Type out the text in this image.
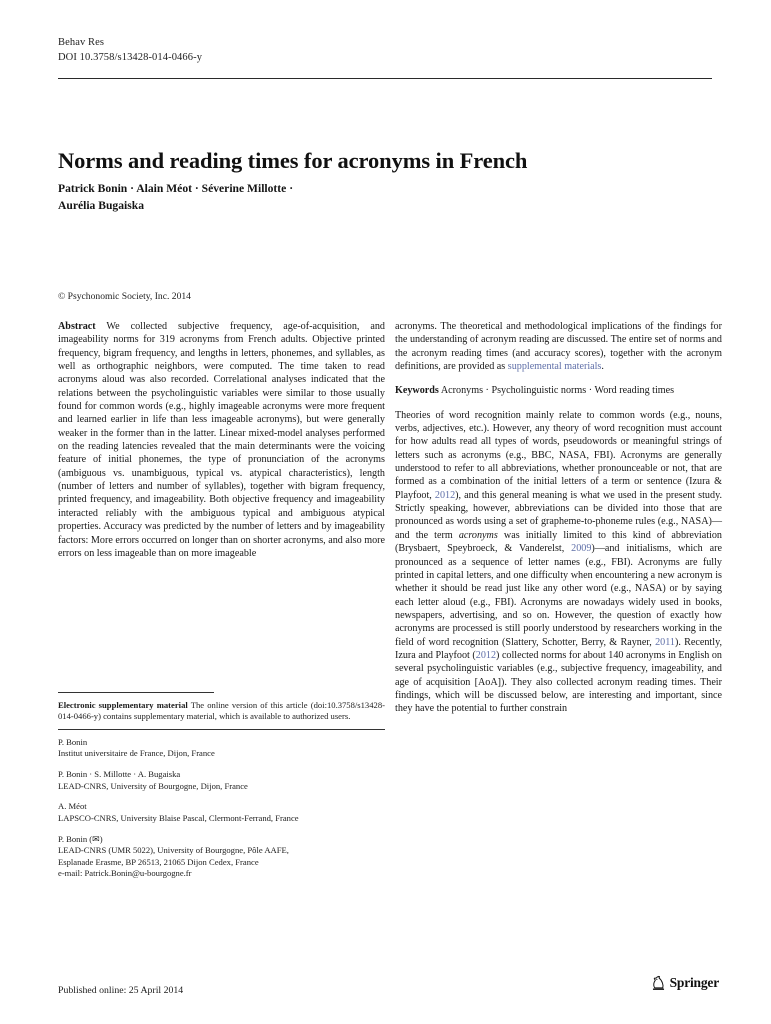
Behav Res
DOI 10.3758/s13428-014-0466-y
Norms and reading times for acronyms in French
Patrick Bonin · Alain Méot · Séverine Millotte ·
Aurélia Bugaiska
© Psychonomic Society, Inc. 2014

Abstract We collected subjective frequency, age-of-acquisition, and imageability norms for 319 acronyms from French adults. Objective printed frequency, bigram frequency, and lengths in letters, phonemes, and syllables, as well as orthographic neighbors, were computed. The time taken to read acronyms aloud was also recorded. Correlational analyses indicated that the relations between the psycholinguistic variables were similar to those usually found for common words (e.g., highly imageable acronyms were more frequent and learned earlier in life than less imageable acronyms), but were generally weaker in the former than in the latter. Linear mixed-model analyses performed on the reading latencies revealed that the main determinants were the voicing feature of initial phonemes, the type of pronunciation of the acronyms (ambiguous vs. unambiguous, typical vs. atypical characteristics), length (number of letters and number of syllables), together with bigram frequency, printed frequency, and imageability. Both objective frequency and imageability interacted reliably with the ambiguous typical and ambiguous atypical properties. Accuracy was predicted by the number of letters and by imageability factors: More errors occurred on longer than on shorter acronyms, and also more errors on less imageable than on more imageable

Electronic supplementary material The online version of this article (doi:10.3758/s13428-014-0466-y) contains supplementary material, which is available to authorized users.

P. Bonin
Institut universitaire de France, Dijon, France

P. Bonin · S. Millotte · A. Bugaiska
LEAD-CNRS, University of Bourgogne, Dijon, France

A. Méot
LAPSCO-CNRS, University Blaise Pascal, Clermont-Ferrand, France

P. Bonin (✉)
LEAD-CNRS (UMR 5022), University of Bourgogne, Pôle AAFE,
Esplanade Erasme, BP 26513, 21065 Dijon Cedex, France
e-mail: Patrick.Bonin@u-bourgogne.fr

acronyms. The theoretical and methodological implications of the findings for the understanding of acronym reading are discussed. The entire set of norms and the acronym reading times (and accuracy scores), together with the acronym definitions, are provided as supplemental materials.

Keywords Acronyms · Psycholinguistic norms · Word reading times

Theories of word recognition mainly relate to common words (e.g., nouns, verbs, adjectives, etc.). However, any theory of word recognition must account for how adults read all types of words, pseudowords or meaningful strings of letters such as acronyms (e.g., BBC, NASA, FBI). Acronyms are generally understood to refer to all abbreviations, whether pronounceable or not, that are formed as a combination of the initial letters of a term or sentence (Izura & Playfoot, 2012), and this general meaning is what we used in the present study. Strictly speaking, however, abbreviations can be divided into those that are pronounced as words using a set of grapheme-to-phoneme rules (e.g., NASA)—and the term acronyms was initially limited to this kind of abbreviation (Brysbaert, Speybroeck, & Vanderelst, 2009)—and initialisms, which are pronounced as a sequence of letter names (e.g., FBI). Acronyms are fully printed in capital letters, and one difficulty when encountering a new acronym is whether it should be read just like any other word (e.g., NASA) or by saying each letter aloud (e.g., FBI). Acronyms are nowadays widely used in books, newspapers, advertising, and so on. However, the question of exactly how acronyms are processed is still poorly understood by researchers working in the field of word recognition (Slattery, Schotter, Berry, & Rayner, 2011). Recently, Izura and Playfoot (2012) collected norms for about 140 acronyms in English on several psycholinguistic variables (e.g., subjective frequency, imageability, and age of acquisition [AoA]). They also collected acronym reading times. Their findings, which will be discussed below, are interesting and important, since they have the potential to further constrain

Published online: 25 April 2014
Springer
